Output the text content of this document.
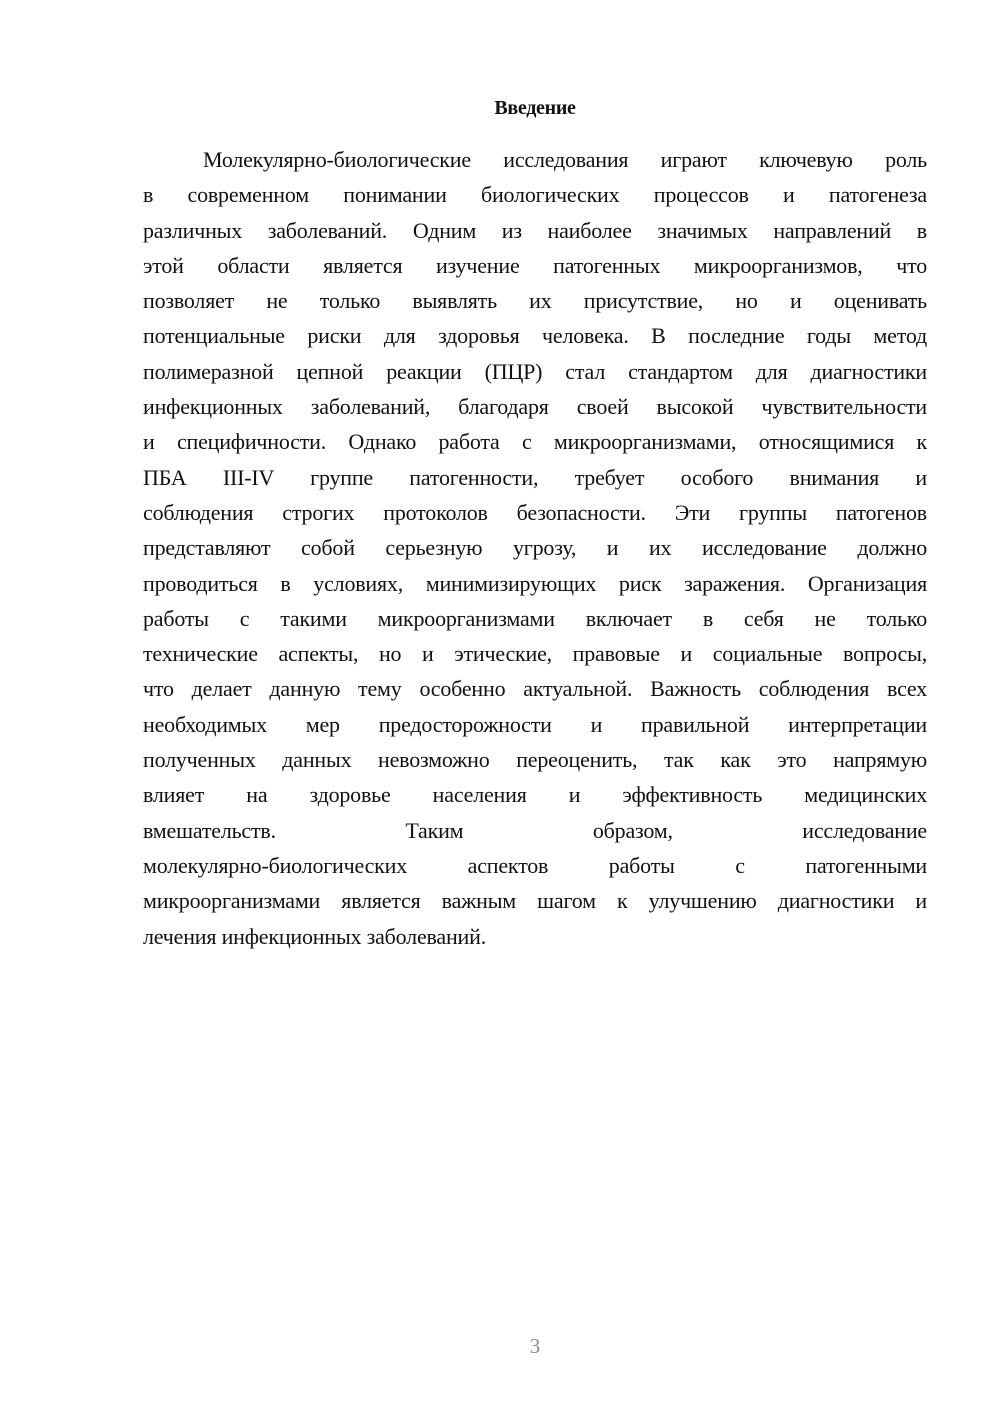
Введение
Молекулярно-биологические исследования играют ключевую роль
в современном понимании биологических процессов и патогенеза
различных заболеваний. Одним из наиболее значимых направлений в
этой области является изучение патогенных микроорганизмов, что
позволяет не только выявлять их присутствие, но и оценивать
потенциальные риски для здоровья человека. В последние годы метод
полимеразной цепной реакции (ПЦР) стал стандартом для диагностики
инфекционных заболеваний, благодаря своей высокой чувствительности
и специфичности. Однако работа с микроорганизмами, относящимися к
ПБА III-IV группе патогенности, требует особого внимания и
соблюдения строгих протоколов безопасности. Эти группы патогенов
представляют собой серьезную угрозу, и их исследование должно
проводиться в условиях, минимизирующих риск заражения. Организация
работы с такими микроорганизмами включает в себя не только
технические аспекты, но и этические, правовые и социальные вопросы,
что делает данную тему особенно актуальной. Важность соблюдения всех
необходимых мер предосторожности и правильной интерпретации
полученных данных невозможно переоценить, так как это напрямую
влияет на здоровье населения и эффективность медицинских
вмешательств. Таким образом, исследование
молекулярно-биологических аспектов работы с патогенными
микроорганизмами является важным шагом к улучшению диагностики и
лечения инфекционных заболеваний.
3
